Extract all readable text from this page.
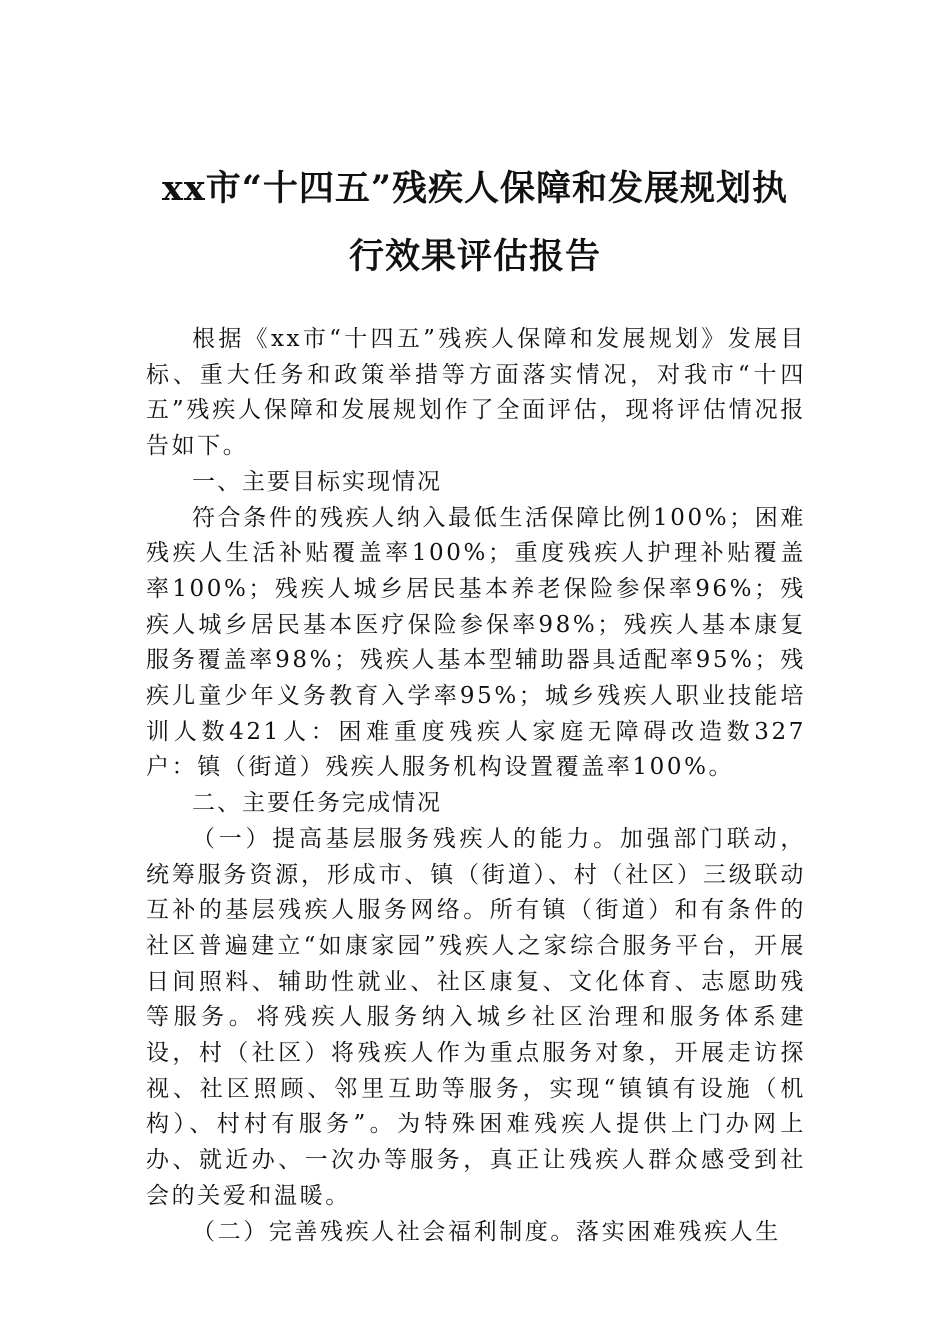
xx市“十四五”残疾人保障和发展规划执
行效果评估报告

根据《xx市“十四五”残疾人保障和发展规划》发展目标、重大任务和政策举措等方面落实情况，对我市“十四五”残疾人保障和发展规划作了全面评估，现将评估情况报告如下。

一、主要目标实现情况

符合条件的残疾人纳入最低生活保障比例100%；困难残疾人生活补贴覆盖率100%；重度残疾人护理补贴覆盖率100%；残疾人城乡居民基本养老保险参保率96%；残疾人城乡居民基本医疗保险参保率98%；残疾人基本康复服务覆盖率98%；残疾人基本型辅助器具适配率95%；残疾儿童少年义务教育入学率95%；城乡残疾人职业技能培训人数421人：困难重度残疾人家庭无障碍改造数327户：镇（街道）残疾人服务机构设置覆盖率100%。

二、主要任务完成情况

（一）提高基层服务残疾人的能力。加强部门联动，统筹服务资源，形成市、镇（街道）、村（社区）三级联动互补的基层残疾人服务网络。所有镇（街道）和有条件的社区普遍建立“如康家园”残疾人之家综合服务平台，开展日间照料、辅助性就业、社区康复、文化体育、志愿助残等服务。将残疾人服务纳入城乡社区治理和服务体系建设，村（社区）将残疾人作为重点服务对象，开展走访探视、社区照顾、邻里互助等服务，实现“镇镇有设施（机构）、村村有服务”。为特殊困难残疾人提供上门办网上办、就近办、一次办等服务，真正让残疾人群众感受到社会的关爱和温暖。

（二）完善残疾人社会福利制度。落实困难残疾人生
